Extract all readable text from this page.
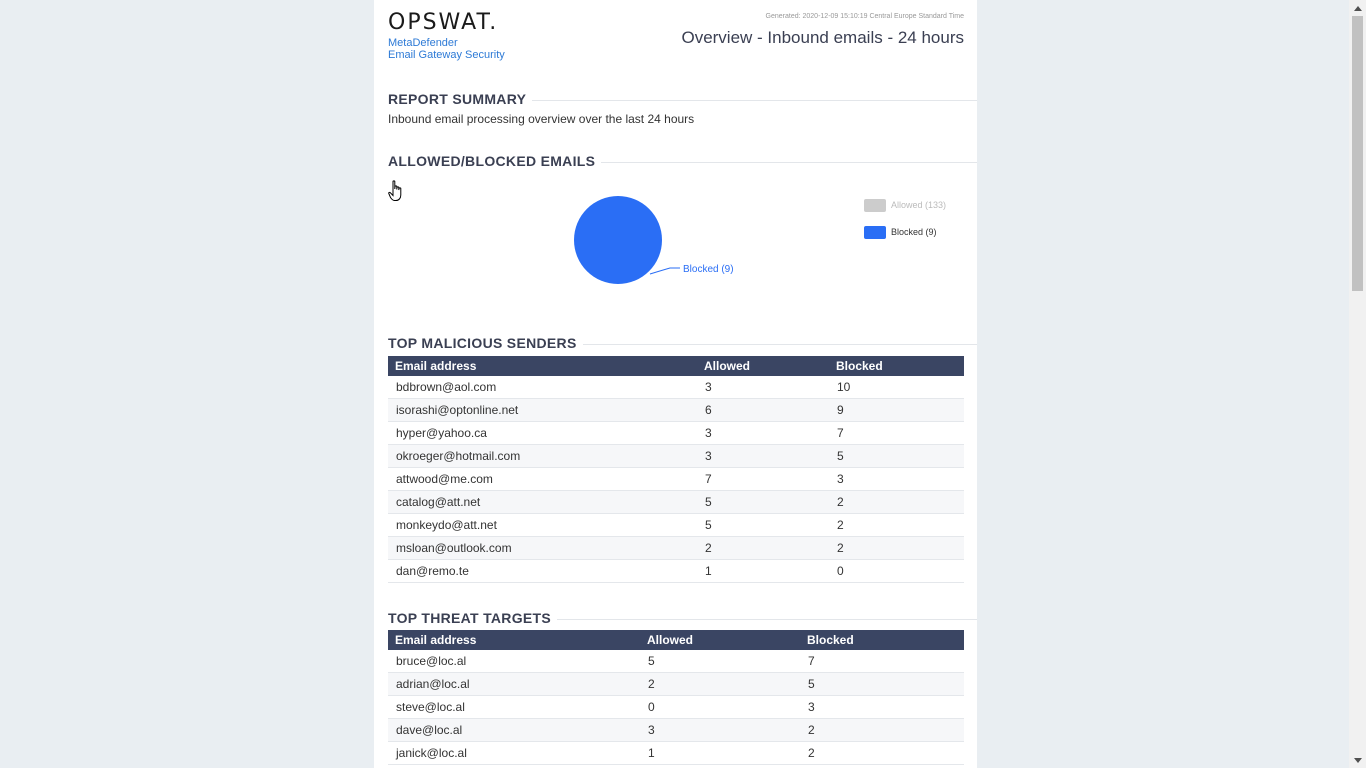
OPSWAT.
MetaDefender
Email Gateway Security
Generated: 2020-12-09 15:10:19 Central Europe Standard Time
Overview - Inbound emails - 24 hours
REPORT SUMMARY
Inbound email processing overview over the last 24 hours
ALLOWED/BLOCKED EMAILS
Blocked (9)
Allowed (133)
Blocked (9)
TOP MALICIOUS SENDERS
Email address	Allowed	Blocked
bdbrown@aol.com	3	10
isorashi@optonline.net	6	9
hyper@yahoo.ca	3	7
okroeger@hotmail.com	3	5
attwood@me.com	7	3
catalog@att.net	5	2
monkeydo@att.net	5	2
msloan@outlook.com	2	2
dan@remo.te	1	0
TOP THREAT TARGETS
Email address	Allowed	Blocked
bruce@loc.al	5	7
adrian@loc.al	2	5
steve@loc.al	0	3
dave@loc.al	3	2
janick@loc.al	1	2
